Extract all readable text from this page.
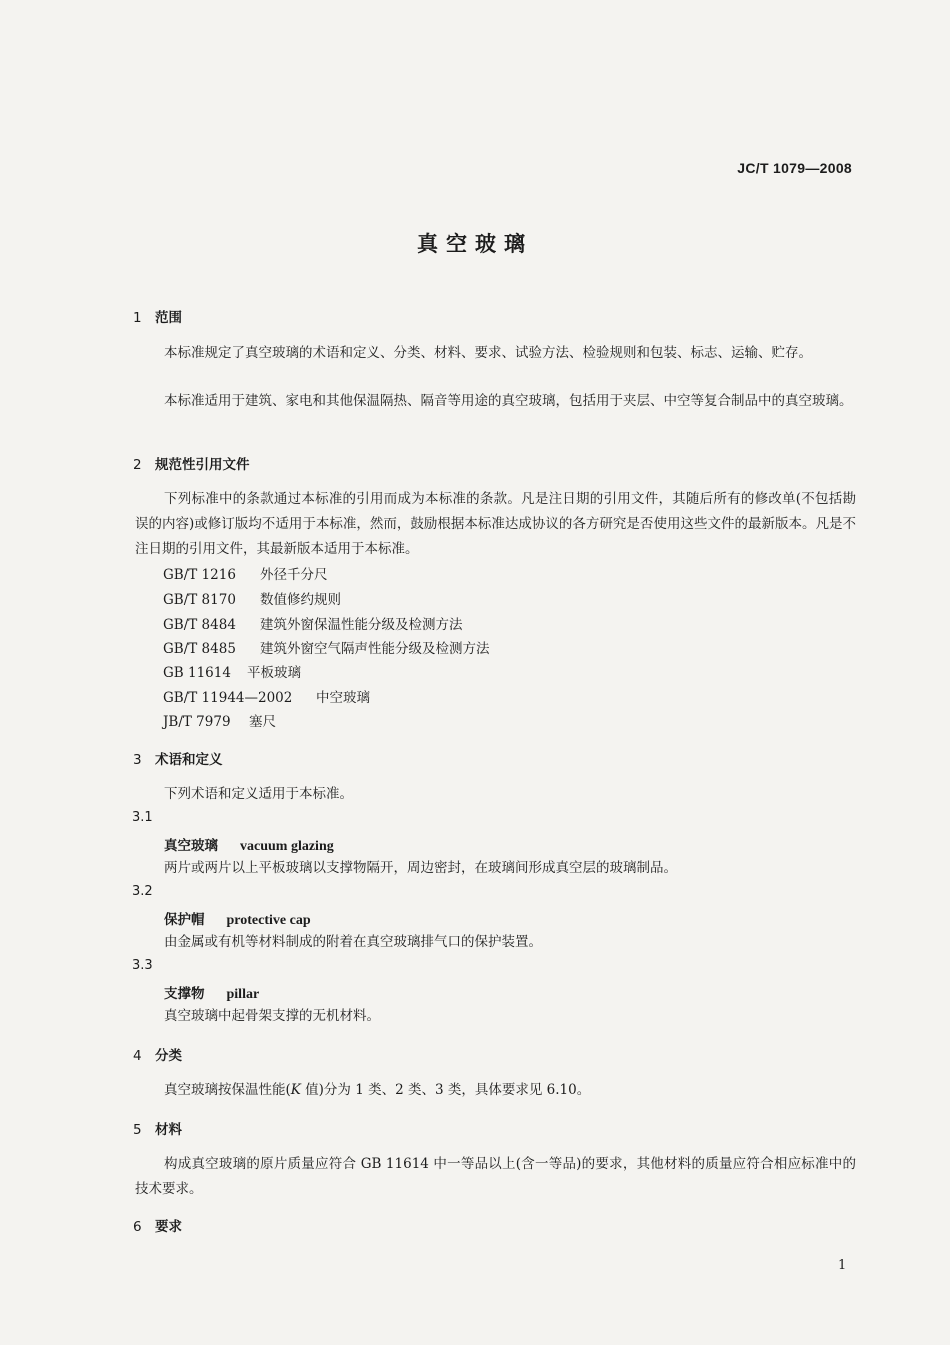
JC/T 1079—2008
真空玻璃
1 范围
本标准规定了真空玻璃的术语和定义、分类、材料、要求、试验方法、检验规则和包装、标志、运输、贮存。
本标准适用于建筑、家电和其他保温隔热、隔音等用途的真空玻璃，包括用于夹层、中空等复合制品中的真空玻璃。
2 规范性引用文件
下列标准中的条款通过本标准的引用而成为本标准的条款。凡是注日期的引用文件，其随后所有的修改单(不包括勘误的内容)或修订版均不适用于本标准，然而，鼓励根据本标准达成协议的各方研究是否使用这些文件的最新版本。凡是不注日期的引用文件，其最新版本适用于本标准。
GB/T 1216 外径千分尺
GB/T 8170 数值修约规则
GB/T 8484 建筑外窗保温性能分级及检测方法
GB/T 8485 建筑外窗空气隔声性能分级及检测方法
GB 11614 平板玻璃
GB/T 11944—2002 中空玻璃
JB/T 7979 塞尺
3 术语和定义
下列术语和定义适用于本标准。
3.1
真空玻璃 vacuum glazing
两片或两片以上平板玻璃以支撑物隔开，周边密封，在玻璃间形成真空层的玻璃制品。
3.2
保护帽 protective cap
由金属或有机等材料制成的附着在真空玻璃排气口的保护装置。
3.3
支撑物 pillar
真空玻璃中起骨架支撑的无机材料。
4 分类
真空玻璃按保温性能(K 值)分为 1 类、2 类、3 类，具体要求见 6.10。
5 材料
构成真空玻璃的原片质量应符合 GB 11614 中一等品以上(含一等品)的要求，其他材料的质量应符合相应标准中的技术要求。
6 要求
1
